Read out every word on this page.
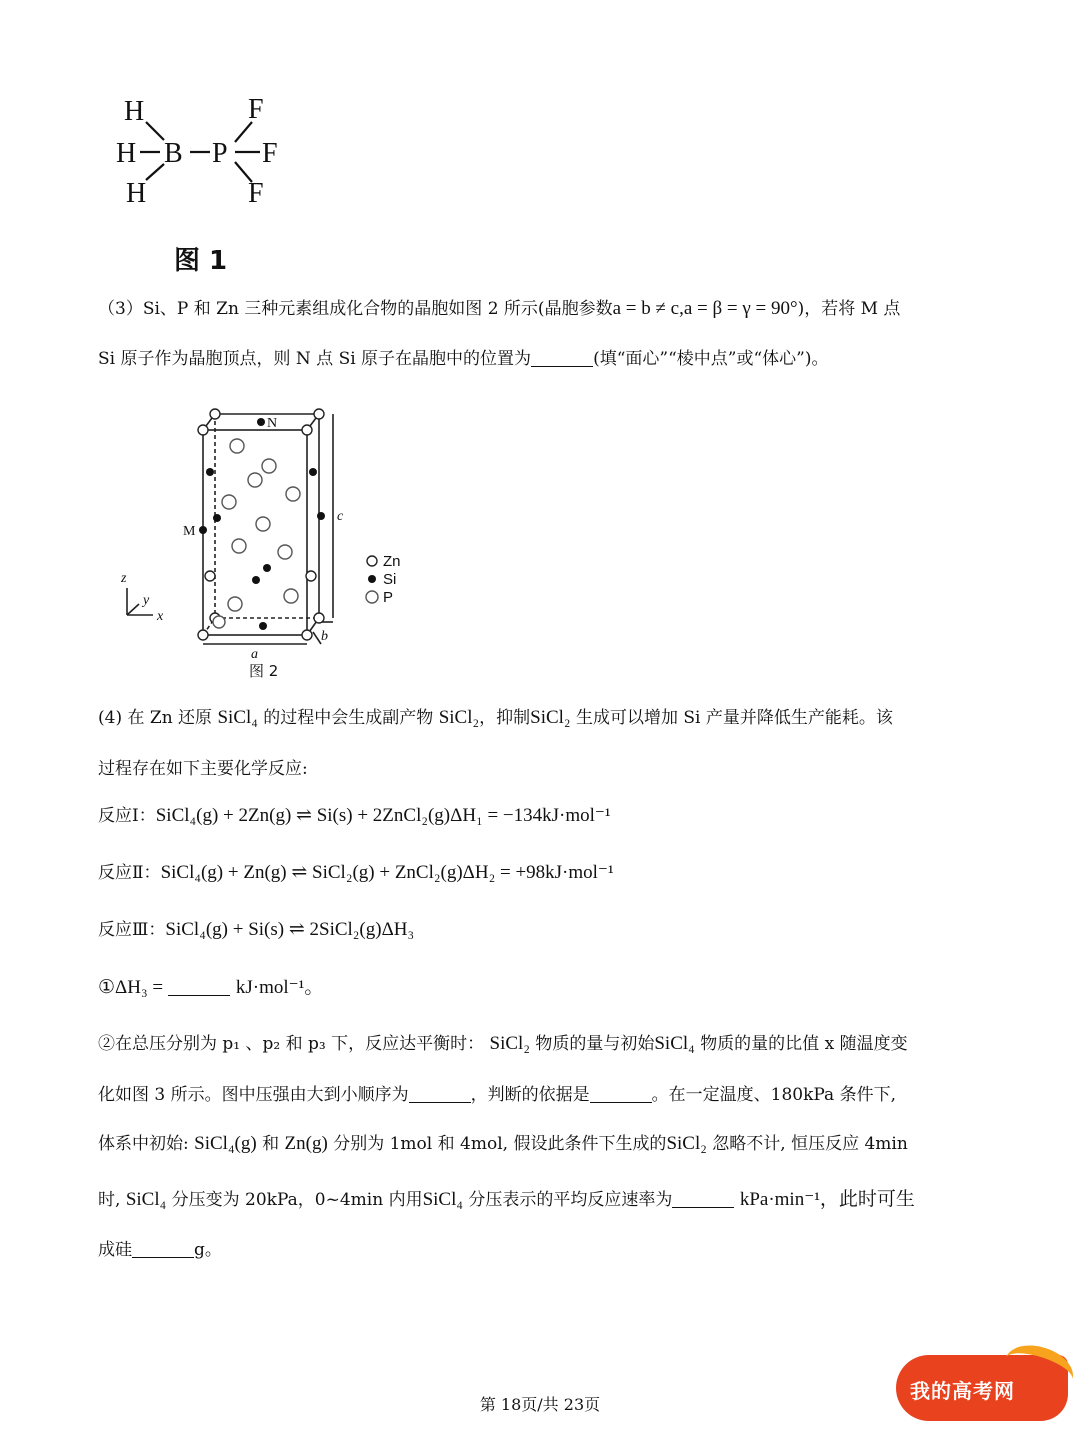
H
H B P
F
F
F
H
图 1
（3）Si、P 和 Zn 三种元素组成化合物的晶胞如图 2 所示(晶胞参数a = b ≠ c,a = β = γ = 90°)，若将 M 点
Si 原子作为晶胞顶点，则 N 点 Si 原子在晶胞中的位置为	(填“面心”“棱中点”或“体心”)。
N
M
c
a
b
z
y
x
Zn
Si
P
图 2
(4) 在 Zn 还原 SiCl₄ 的过程中会生成副产物 SiCl₂，抑制SiCl₂ 生成可以增加 Si 产量并降低生产能耗。该
过程存在如下主要化学反应:
反应Ⅰ：SiCl₄(g) + 2Zn(g) ⇌ Si(s) + 2ZnCl₂(g)ΔH₁ = −134kJ·mol⁻¹
反应Ⅱ：SiCl₄(g) + Zn(g) ⇌ SiCl₂(g) + ZnCl₂(g)ΔH₂ = +98kJ·mol⁻¹
反应Ⅲ：SiCl₄(g) + Si(s) ⇌ 2SiCl₂(g)ΔH₃
①ΔH₃ =	kJ·mol⁻¹。
②在总压分别为 p₁ 、p₂ 和 p₃ 下，反应达平衡时： SiCl₂ 物质的量与初始SiCl₄ 物质的量的比值 x 随温度变
化如图 3 所示。图中压强由大到小顺序为	，判断的依据是	。在一定温度、180kPa 条件下,
体系中初始: SiCl₄(g) 和 Zn(g) 分别为 1mol 和 4mol, 假设此条件下生成的SiCl₂ 忽略不计, 恒压反应 4min
时, SiCl₄ 分压变为 20kPa，0~4min 内用SiCl₄ 分压表示的平均反应速率为	kPa·min⁻¹，此时可生
成硅	g。
第 18页/共 23页
我的高考网
